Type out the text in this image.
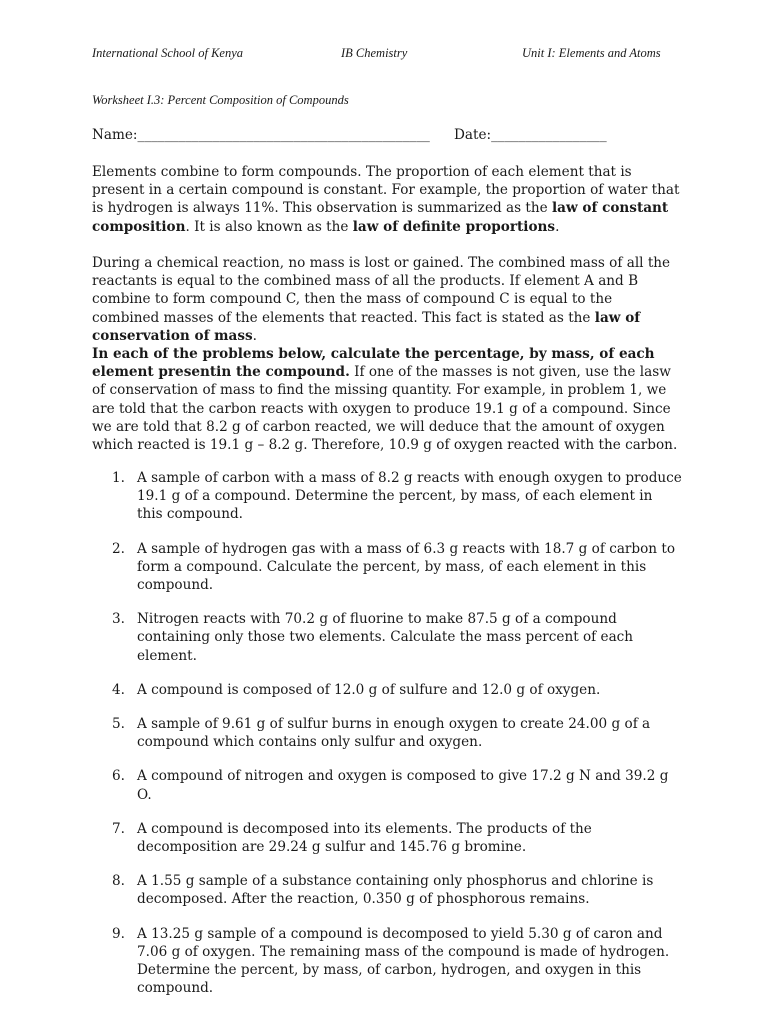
International School of Kenya	IB Chemistry	Unit I: Elements and Atoms
Worksheet I.3: Percent Composition of Compounds
Name:___________________________________________ Date:_________________

Elements combine to form compounds. The proportion of each element that is present in a certain compound is constant. For example, the proportion of water that is hydrogen is always 11%. This observation is summarized as the law of constant composition. It is also known as the law of definite proportions.

During a chemical reaction, no mass is lost or gained. The combined mass of all the reactants is equal to the combined mass of all the products. If element A and B combine to form compound C, then the mass of compound C is equal to the combined masses of the elements that reacted. This fact is stated as the law of conservation of mass.

In each of the problems below, calculate the percentage, by mass, of each element presentin the compound. If one of the masses is not given, use the lasw of conservation of mass to find the missing quantity. For example, in problem 1, we are told that the carbon reacts with oxygen to produce 19.1 g of a compound. Since we are told that 8.2 g of carbon reacted, we will deduce that the amount of oxygen which reacted is 19.1 g – 8.2 g. Therefore, 10.9 g of oxygen reacted with the carbon.

1. A sample of carbon with a mass of 8.2 g reacts with enough oxygen to produce 19.1 g of a compound. Determine the percent, by mass, of each element in this compound.
2. A sample of hydrogen gas with a mass of 6.3 g reacts with 18.7 g of carbon to form a compound. Calculate the percent, by mass, of each element in this compound.
3. Nitrogen reacts with 70.2 g of fluorine to make 87.5 g of a compound containing only those two elements. Calculate the mass percent of each element.
4. A compound is composed of 12.0 g of sulfure and 12.0 g of oxygen.
5. A sample of 9.61 g of sulfur burns in enough oxygen to create 24.00 g of a compound which contains only sulfur and oxygen.
6. A compound of nitrogen and oxygen is composed to give 17.2 g N and 39.2 g O.
7. A compound is decomposed into its elements. The products of the decomposition are 29.24 g sulfur and 145.76 g bromine.
8. A 1.55 g sample of a substance containing only phosphorus and chlorine is decomposed. After the reaction, 0.350 g of phosphorous remains.
9. A 13.25 g sample of a compound is decomposed to yield 5.30 g of caron and 7.06 g of oxygen. The remaining mass of the compound is made of hydrogen. Determine the percent, by mass, of carbon, hydrogen, and oxygen in this compound.
